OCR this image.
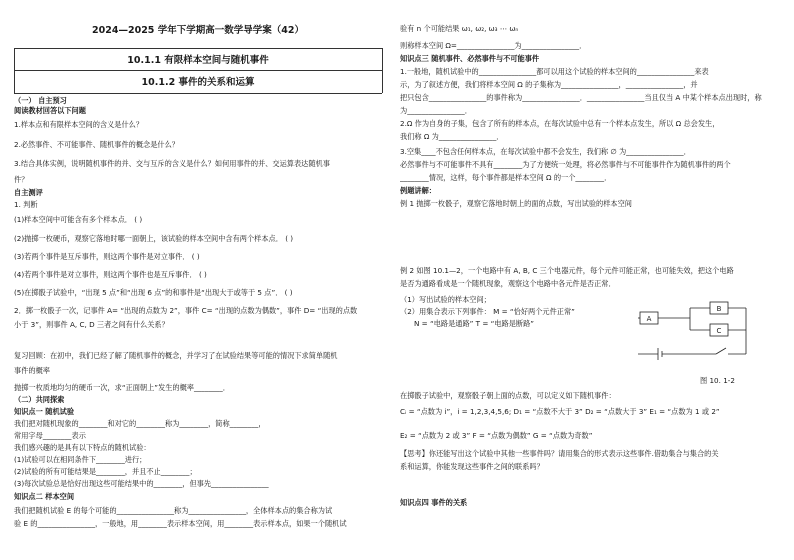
2024—2025 学年下学期高一数学导学案（42）
10.1.1 有限样本空间与随机事件
10.1.2 事件的关系和运算
（一） 自主预习
阅读教材回答以下问题
1.样本点和有限样本空间的含义是什么？
2.必然事件、不可能事件、随机事件的概念是什么？
3.结合具体实例，说明随机事件的并、交与互斥的含义是什么？如何用事件的并、交运算表达随机事
件？
自主测评
1. 判断
(1)样本空间中可能含有多个样本点． ( )
(2)抛掷一枚硬币，观察它落地时哪一面朝上，该试验的样本空间中含有两个样本点． ( )
(3)若两个事件是互斥事件，则这两个事件是对立事件． ( )
(4)若两个事件是对立事件，则这两个事件也是互斥事件． ( )
(5)在掷骰子试验中，“出现 5 点”和“出现 6 点”的和事件是“出现大于或等于 5 点”． ( )
2．掷一枚骰子一次，记事件 A= “出现的点数为 2”，事件 C= “出现的点数为偶数”，事件 D= “出现的点数
小于 3”，则事件 A, C, D 三者之间有什么关系？
复习回顾：在初中，我们已经了解了随机事件的概念，并学习了在试验结果等可能的情况下求简单随机
事件的概率
抛掷一枚质地均匀的硬币一次，求“正面朝上”发生的概率________．
（二）共同探索
知识点一 随机试验
我们把对随机现象的________和对它的________称为________，简称________，
常用字母________表示
我们感兴趣的是具有以下特点的随机试验：
(1)试验可以在相同条件下________进行；
(2)试验的所有可能结果是________，并且不止________；
(3)每次试验总是恰好出现这些可能结果中的________，但事先________________
知识点二 样本空间
我们把随机试验 E 的每个可能的________________称为________________，全体样本点的集合称为试
验 E 的________________，一般地，用________表示样本空间，用________表示样本点，如果一个随机试
验有 n 个可能结果 ω₁, ω₂, ω₃ ⋯ ωₙ
则称样本空间 Ω=________________为________________．
知识点三 随机事件、必然事件与不可能事件
1.一般地，随机试验中的________________都可以用这个试验的样本空间的________________来表
示，为了叙述方便，我们将样本空间 Ω 的子集称为________________，________________，并
把只包含________________的事件称为________________．________________当且仅当 A 中某个样本点出现时，称
为________________．
2.Ω 作为自身的子集，包含了所有的样本点，在每次试验中总有一个样本点发生，所以 Ω 总会发生，
我们称 Ω 为________________．
3.空集____不包含任何样本点，在每次试验中都不会发生，我们称 ∅ 为________________．
必然事件与不可能事件不具有________为了方便统一处理，将必然事件与不可能事件作为随机事件的两个
________情况，这样，每个事件都是样本空间 Ω 的一个________．
例题讲解：
例 1 抛掷一枚骰子，观察它落地时朝上的面的点数，写出试验的样本空间
例 2 如图 10.1—2，一个电路中有 A, B, C 三个电器元件，每个元件可能正常，也可能失效，把这个电路
是否为通路看成是一个随机现象，观察这个电路中各元件是否正常．
（1）写出试验的样本空间；
（2）用集合表示下列事件： M = “恰好两个元件正常”
N = “电路是通路” T = “电路是断路”	A
B
C
图 10. 1-2
在掷骰子试验中，观察骰子朝上面的点数，可以定义如下随机事件：
Cᵢ = “点数为 i”，i = 1,2,3,4,5,6; D₁ = “点数不大于 3” D₂ = “点数大于 3” E₁ = “点数为 1 或 2”
E₂ = “点数为 2 或 3” F = “点数为偶数” G = “点数为奇数”
【思考】你还能写出这个试验中其他一些事件吗？请用集合的形式表示这些事件.借助集合与集合的关
系和运算，你能发现这些事件之间的联系吗？
知识点四 事件的关系
